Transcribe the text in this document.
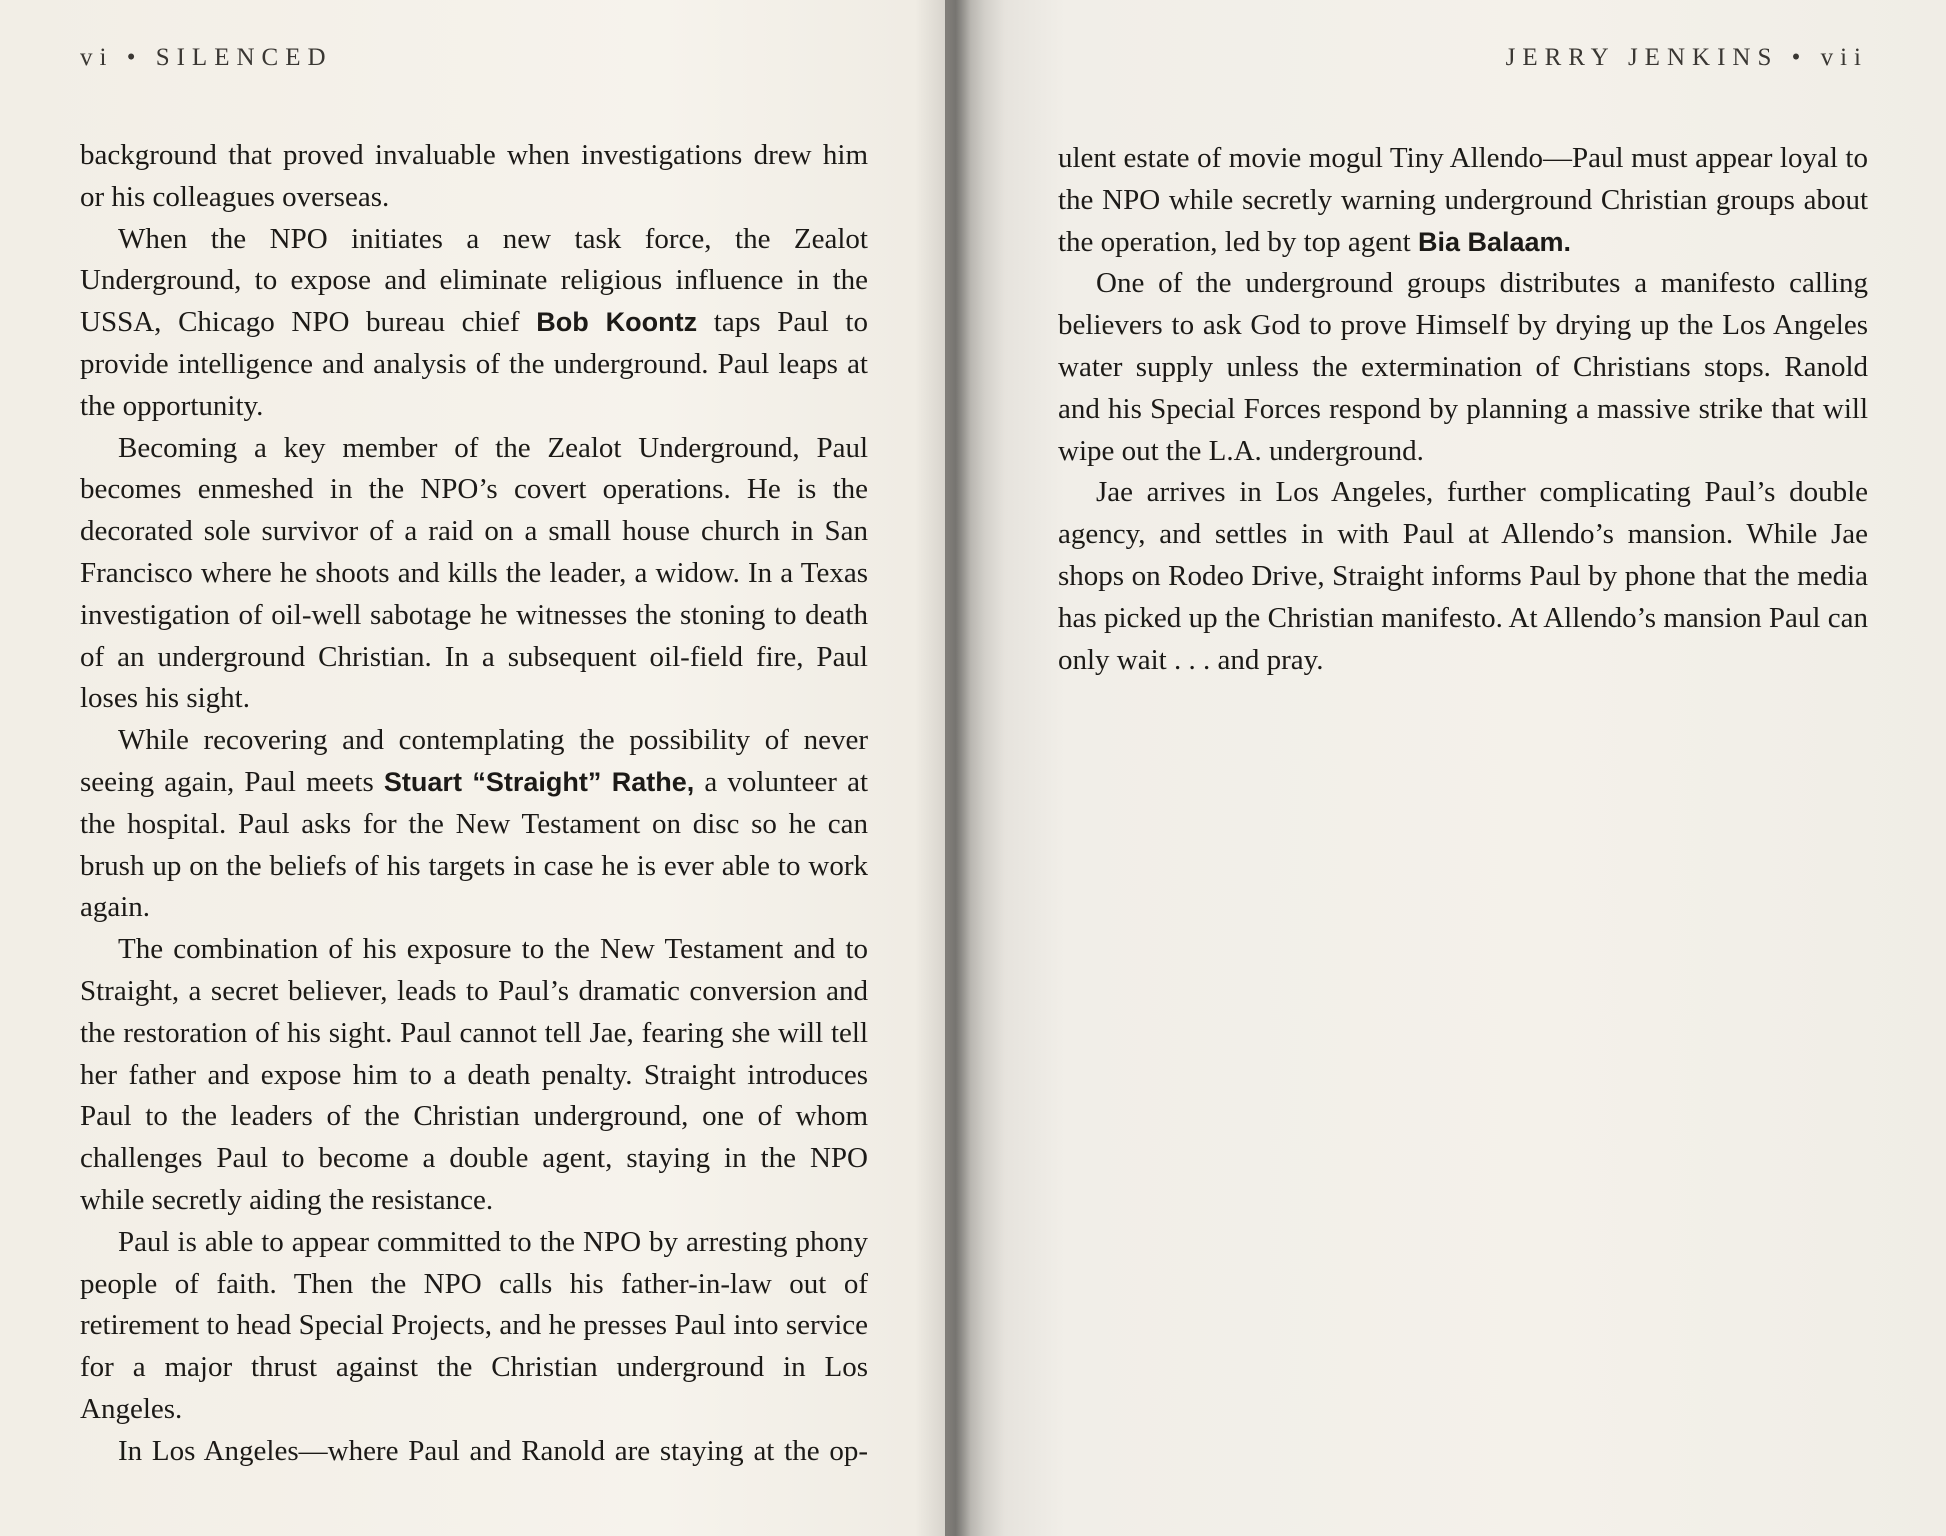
vi • SILENCED

background that proved invaluable when investigations drew him or his colleagues overseas.

When the NPO initiates a new task force, the Zealot Underground, to expose and eliminate religious influence in the USSA, Chicago NPO bureau chief Bob Koontz taps Paul to provide intelligence and analysis of the underground. Paul leaps at the opportunity.

Becoming a key member of the Zealot Underground, Paul becomes enmeshed in the NPO’s covert operations. He is the decorated sole survivor of a raid on a small house church in San Francisco where he shoots and kills the leader, a widow. In a Texas investigation of oil-well sabotage he witnesses the stoning to death of an underground Christian. In a subsequent oil-field fire, Paul loses his sight.

While recovering and contemplating the possibility of never seeing again, Paul meets Stuart “Straight” Rathe, a volunteer at the hospital. Paul asks for the New Testament on disc so he can brush up on the beliefs of his targets in case he is ever able to work again.

The combination of his exposure to the New Testament and to Straight, a secret believer, leads to Paul’s dramatic conversion and the restoration of his sight. Paul cannot tell Jae, fearing she will tell her father and expose him to a death penalty. Straight introduces Paul to the leaders of the Christian underground, one of whom challenges Paul to become a double agent, staying in the NPO while secretly aiding the resistance.

Paul is able to appear committed to the NPO by arresting phony people of faith. Then the NPO calls his father-in-law out of retirement to head Special Projects, and he presses Paul into service for a major thrust against the Christian underground in Los Angeles.

In Los Angeles—where Paul and Ranold are staying at the op-

JERRY JENKINS • vii

ulent estate of movie mogul Tiny Allendo—Paul must appear loyal to the NPO while secretly warning underground Christian groups about the operation, led by top agent Bia Balaam.

One of the underground groups distributes a manifesto calling believers to ask God to prove Himself by drying up the Los Angeles water supply unless the extermination of Christians stops. Ranold and his Special Forces respond by planning a massive strike that will wipe out the L.A. underground.

Jae arrives in Los Angeles, further complicating Paul’s double agency, and settles in with Paul at Allendo’s mansion. While Jae shops on Rodeo Drive, Straight informs Paul by phone that the media has picked up the Christian manifesto. At Allendo’s mansion Paul can only wait . . . and pray.
